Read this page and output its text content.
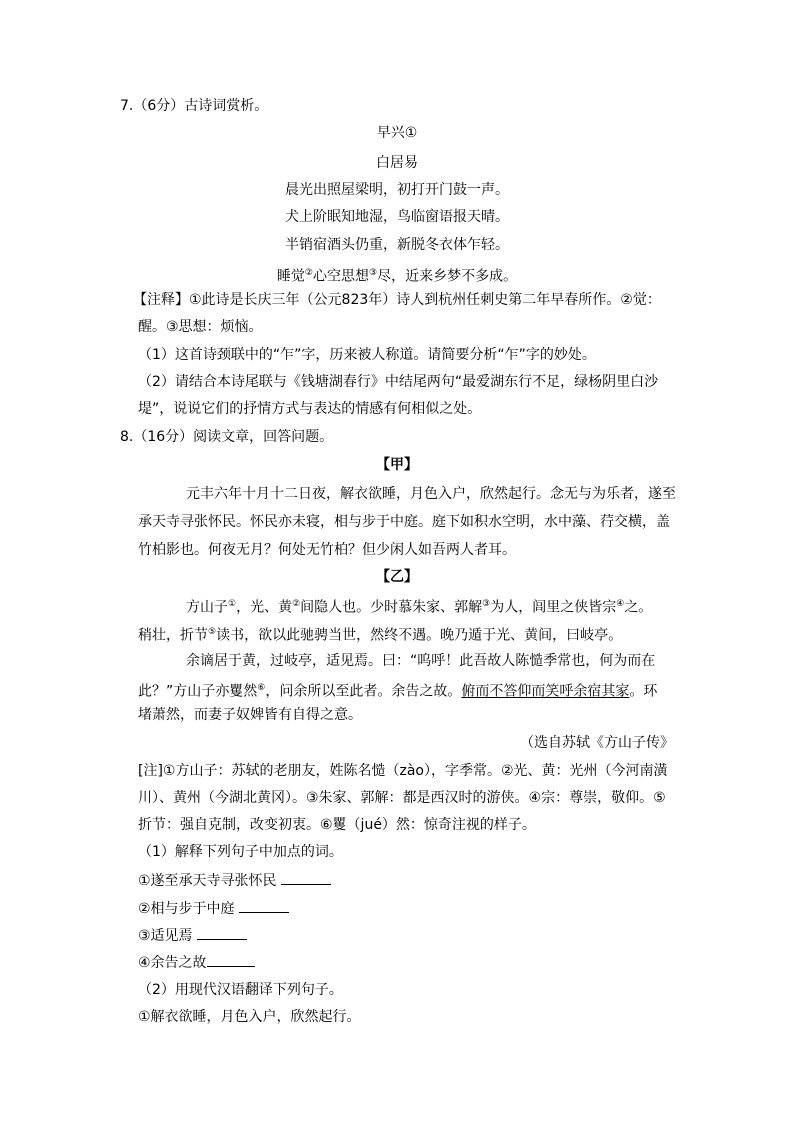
7.（6分）古诗词赏析。
早兴①
白居易
晨光出照屋梁明，初打开门鼓一声。
犬上阶眠知地湿，鸟临窗语报天晴。
半销宿酒头仍重，新脱冬衣体乍轻。
睡觉②心空思想③尽，近来乡梦不多成。
【注释】①此诗是长庆三年（公元823年）诗人到杭州任刺史第二年早春所作。②觉：
醒。③思想：烦恼。
（1）这首诗颈联中的“乍”字，历来被人称道。请简要分析“乍”字的妙处。
（2）请结合本诗尾联与《钱塘湖春行》中结尾两句“最爱湖东行不足，绿杨阴里白沙
堤”，说说它们的抒情方式与表达的情感有何相似之处。
8.（16分）阅读文章，回答问题。
【甲】
元丰六年十月十二日夜，解衣欲睡，月色入户，欣然起行。念无与为乐者，遂至
承天寺寻张怀民。怀民亦未寝，相与步于中庭。庭下如积水空明，水中藻、荇交横，盖
竹柏影也。何夜无月？何处无竹柏？但少闲人如吾两人者耳。
【乙】
方山子①，光、黄②间隐人也。少时慕朱家、郭解③为人，闾里之侠皆宗④之。
稍壮，折节⑤读书，欲以此驰骋当世，然终不遇。晚乃遁于光、黄间，曰岐亭。
余谪居于黄，过岐亭，适见焉。曰：“呜呼！此吾故人陈慥季常也，何为而在
此？”方山子亦矍然⑥，问余所以至此者。余告之故。俯而不答仰而笑呼余宿其家。环
堵萧然，而妻子奴婢皆有自得之意。
（选自苏轼《方山子传》
[注]①方山子：苏轼的老朋友，姓陈名慥（zào），字季常。②光、黄：光州（今河南潢
川）、黄州（今湖北黄冈）。③朱家、郭解：都是西汉时的游侠。④宗：尊崇，敬仰。⑤
折节：强自克制，改变初衷。⑥矍（jué）然：惊奇注视的样子。
（1）解释下列句子中加点的词。
①遂至承天寺寻张怀民
②相与步于中庭
③适见焉
④余告之故
（2）用现代汉语翻译下列句子。
①解衣欲睡，月色入户，欣然起行。
